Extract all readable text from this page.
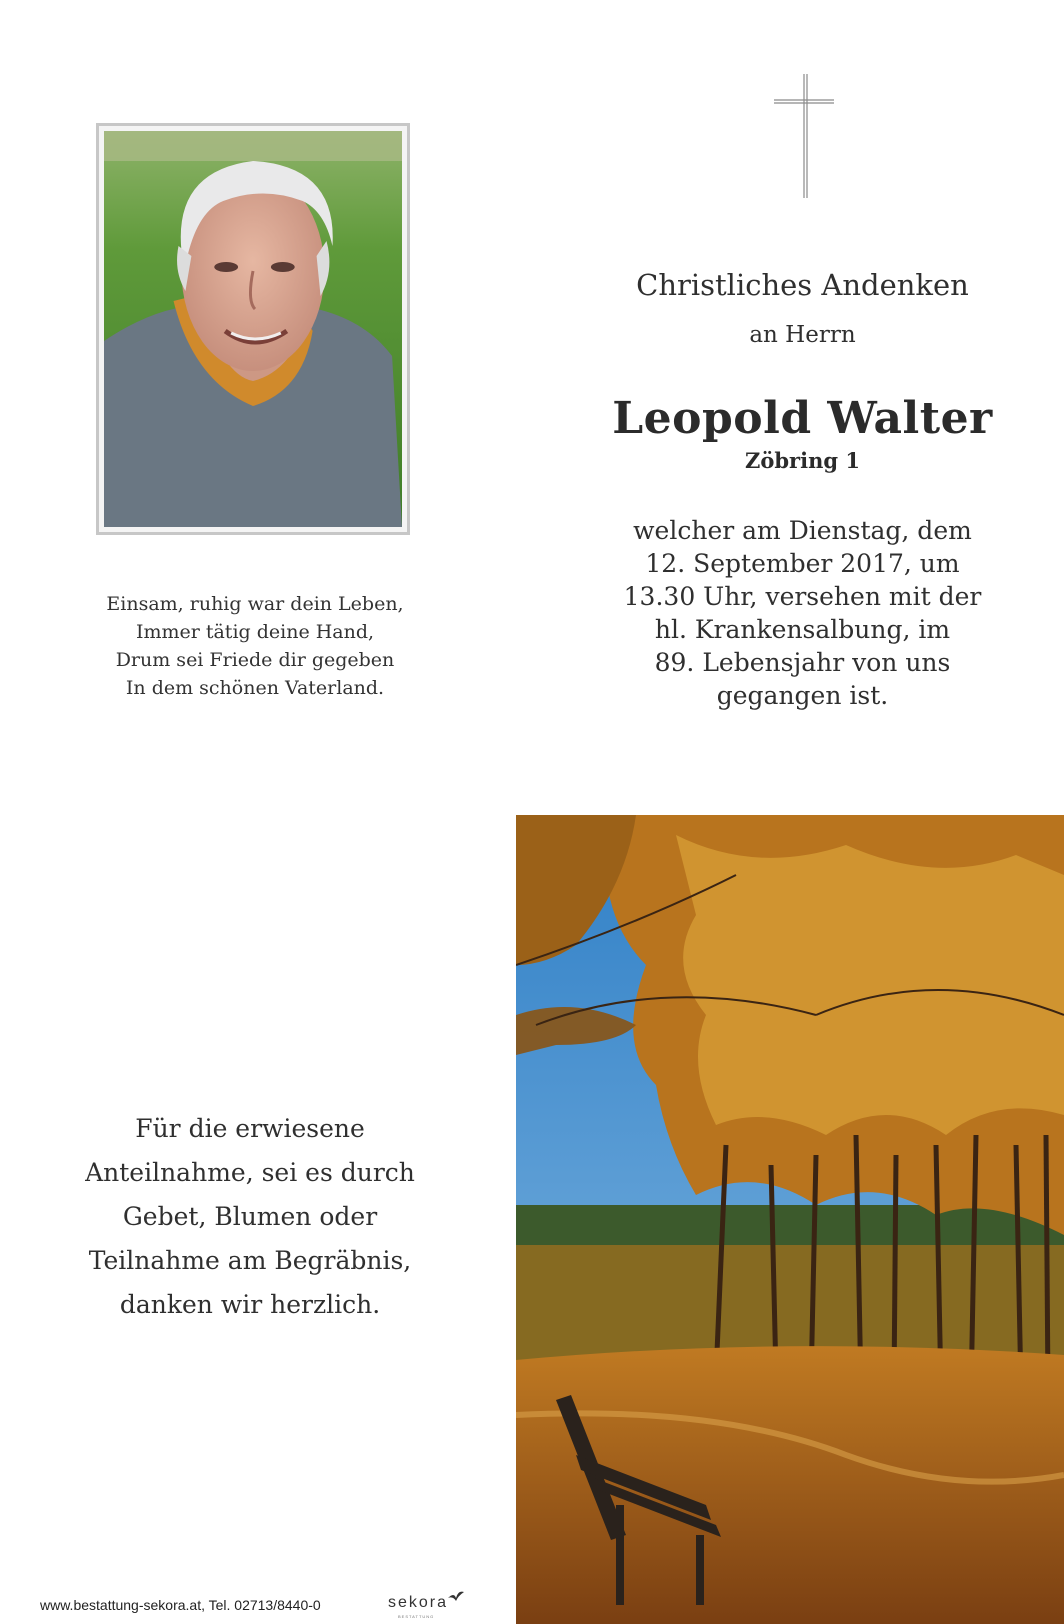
Einsam, ruhig war dein Leben,
Immer tätig deine Hand,
Drum sei Friede dir gegeben
In dem schönen Vaterland.
Christliches Andenken
an Herrn
Leopold Walter
Zöbring 1
welcher am Dienstag, dem
12. September 2017, um
13.30 Uhr, versehen mit der
hl. Krankensalbung, im
89. Lebensjahr von uns
gegangen ist.
Für die erwiesene
Anteilnahme, sei es durch
Gebet, Blumen oder
Teilnahme am Begräbnis,
danken wir herzlich.
www.bestattung-sekora.at, Tel. 02713/8440-0	sekora
BESTATTUNG
